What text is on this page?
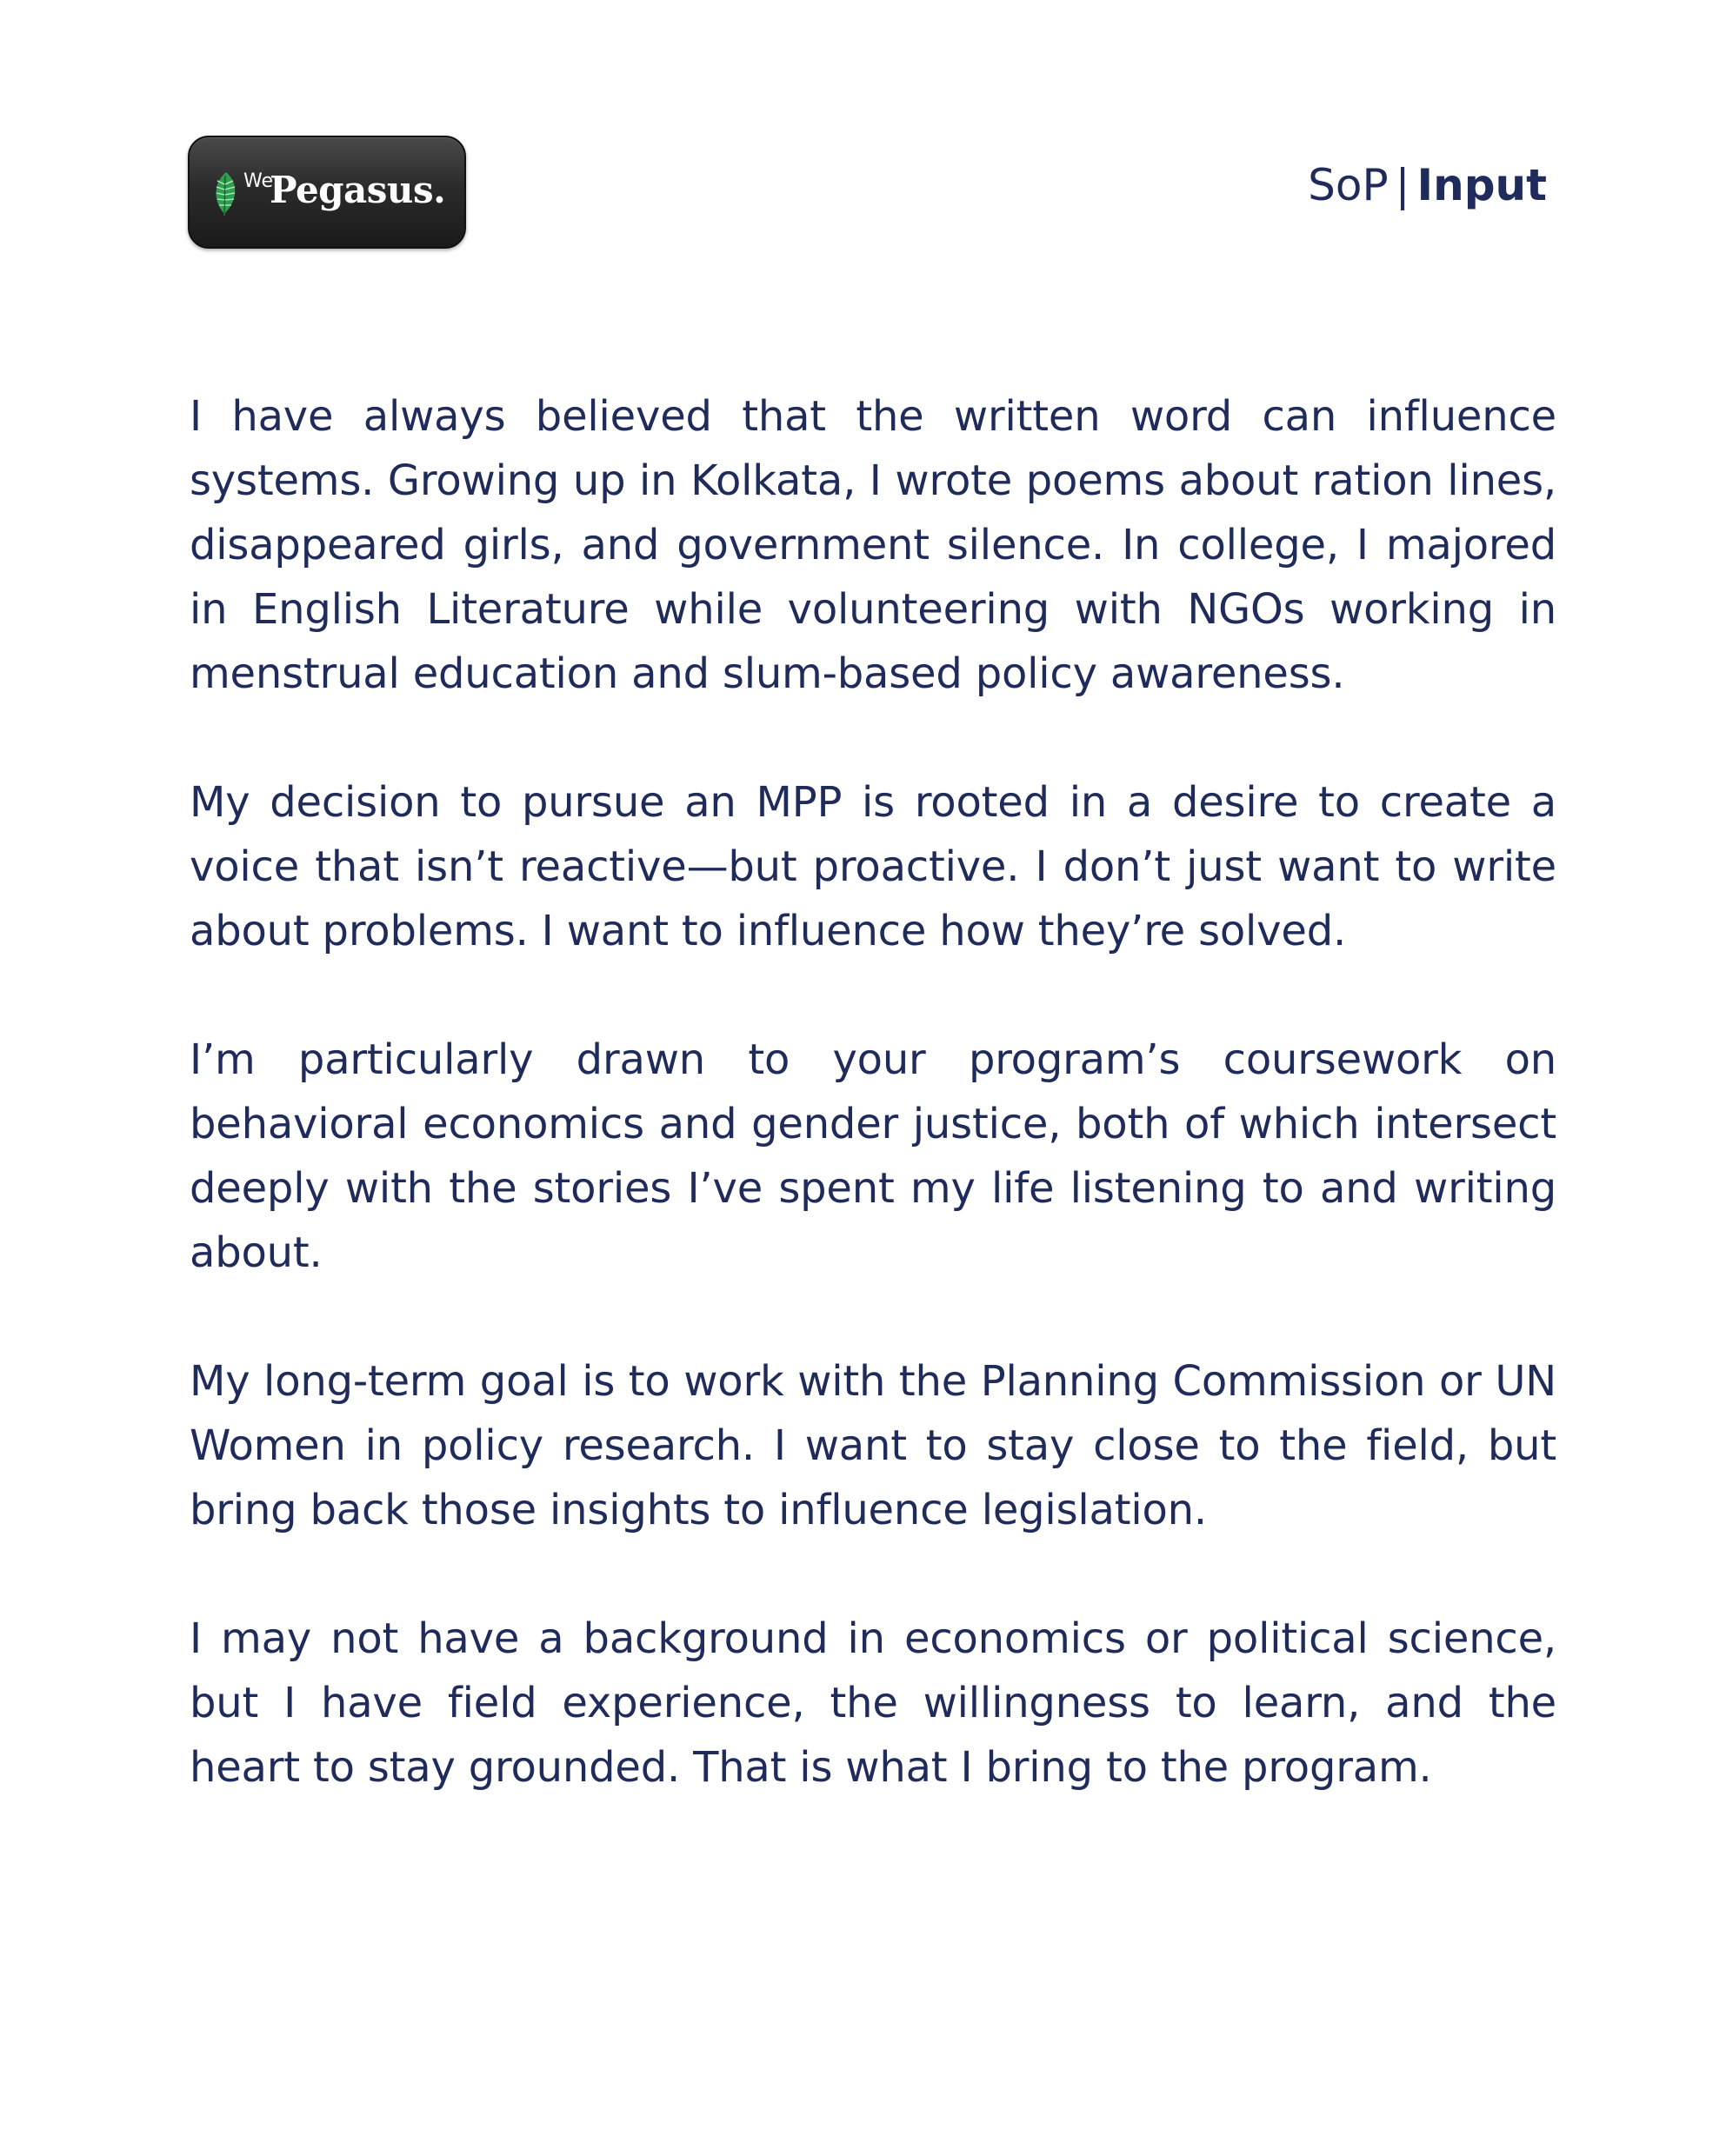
We
Pegasus.	SoP | Input

I have always believed that the written word can influence systems. Growing up in Kolkata, I wrote poems about ration lines, disappeared girls, and government silence. In college, I majored in English Literature while volunteering with NGOs working in menstrual education and slum-based policy awareness.

My decision to pursue an MPP is rooted in a desire to create a voice that isn’t reactive—but proactive. I don’t just want to write about problems. I want to influence how they’re solved.

I’m particularly drawn to your program’s coursework on behavioral economics and gender justice, both of which intersect deeply with the stories I’ve spent my life listening to and writing about.

My long-term goal is to work with the Planning Commission or UN Women in policy research. I want to stay close to the field, but bring back those insights to influence legislation.

I may not have a background in economics or political science, but I have field experience, the willingness to learn, and the heart to stay grounded. That is what I bring to the program.
